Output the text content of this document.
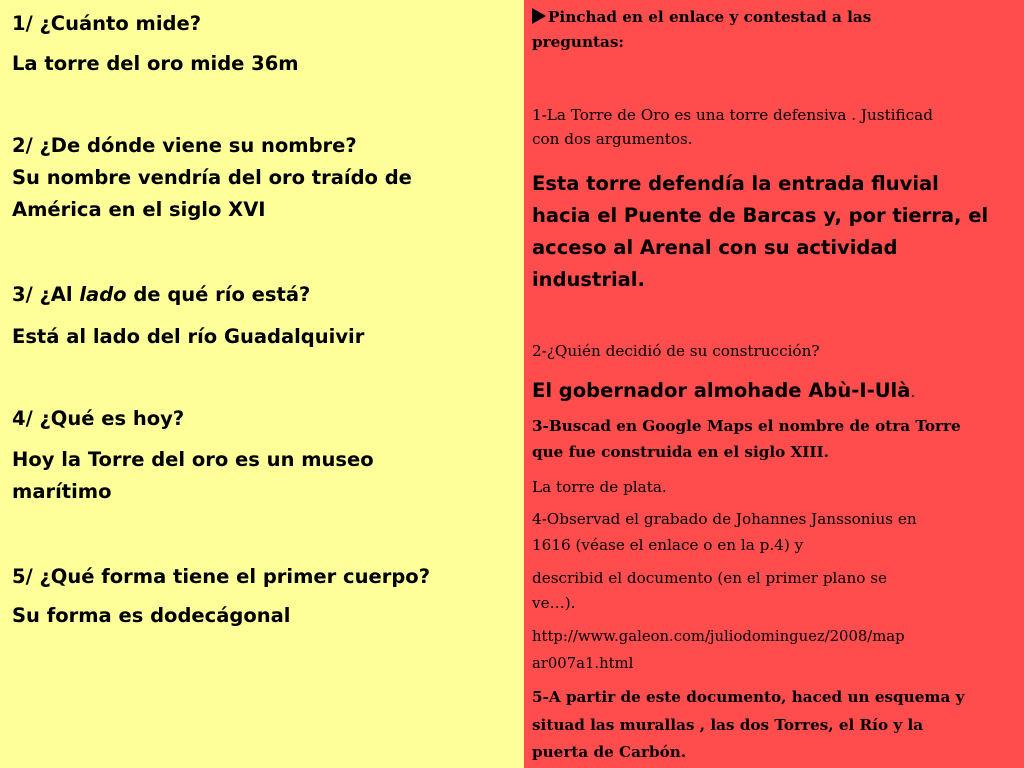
1/ ¿Cuánto mide?

La torre del oro mide 36m

2/ ¿De dónde viene su nombre?

Su nombre vendría del oro traído de

América en el siglo XVI

3/ ¿Al lado de qué río está?

Está al lado del río Guadalquivir

4/ ¿Qué es hoy?

Hoy la Torre del oro es un museo

marítimo

5/ ¿Qué forma tiene el primer cuerpo?

Su forma es dodecágonal

Pinchad en el enlace y contestad a las

preguntas:

1-La Torre de Oro es una torre defensiva . Justificad

con dos argumentos.

Esta torre defendía la entrada fluvial

hacia el Puente de Barcas y, por tierra, el

acceso al Arenal con su actividad

industrial.

2-¿Quién decidió de su construcción?

El gobernador almohade Abù-I-Ulà.

3-Buscad en Google Maps el nombre de otra Torre

que fue construida en el siglo XIII.

La torre de plata.

4-Observad el grabado de Johannes Janssonius en

1616 (véase el enlace o en la p.4) y

describid el documento (en el primer plano se

ve…).

http://www.galeon.com/juliodominguez/2008/map

ar007a1.html

5-A partir de este documento, haced un esquema y

situad las murallas , las dos Torres, el Río y la

puerta de Carbón.
